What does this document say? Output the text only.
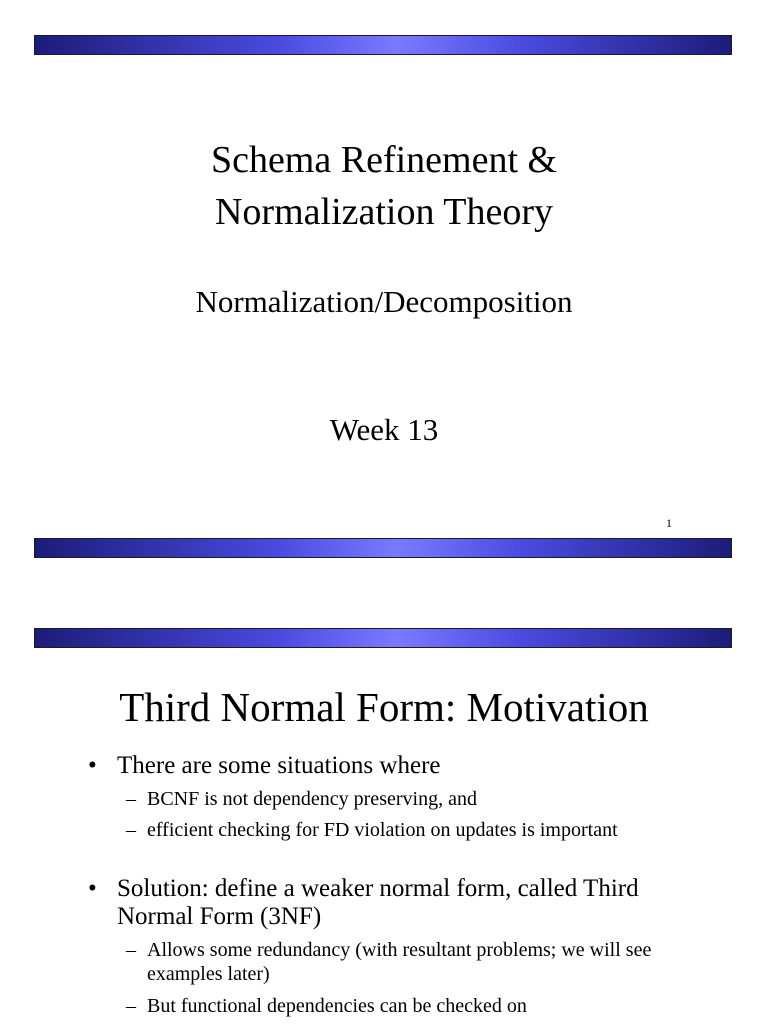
Schema Refinement &
Normalization Theory
Normalization/Decomposition
Week 13
1
Third Normal Form: Motivation
• There are some situations where
– BCNF is not dependency preserving, and
– efficient checking for FD violation on updates is important
• Solution: define a weaker normal form, called Third Normal Form (3NF)
– Allows some redundancy (with resultant problems; we will see examples later)
– But functional dependencies can be checked on
